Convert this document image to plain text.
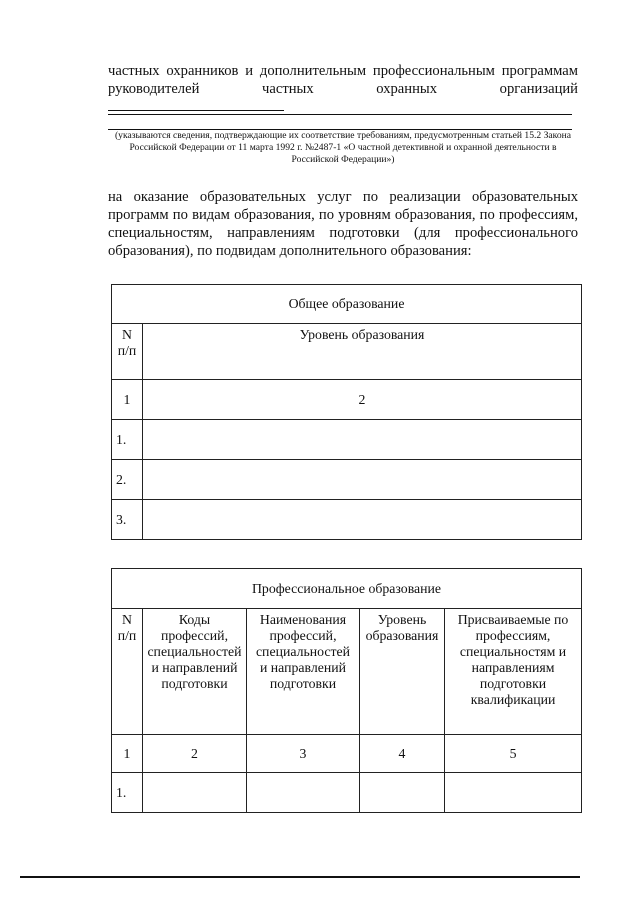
частных охранников и дополнительным профессиональным программам
руководителей частных охранных организаций
(указываются сведения, подтверждающие их соответствие требованиям, предусмотренным статьей 15.2 Закона Российской Федерации от 11 марта 1992 г. №2487-1 «О частной детективной и охранной деятельности в Российской Федерации»)
на оказание образовательных услуг по реализации образовательных программ по видам образования, по уровням образования, по профессиям, специальностям, направлениям подготовки (для профессионального образования), по подвидам дополнительного образования:
Общее образование	
N п/п	Уровень образования
1	2
1.	
2.	
3.	
Профессиональное образование				
N п/п	Коды профессий, специальностей и направлений подготовки	Наименования профессий, специальностей и направлений подготовки	Уровень образования	Присваиваемые по профессиям, специальностям и направлениям подготовки квалификации
1	2	3	4	5
1.				
